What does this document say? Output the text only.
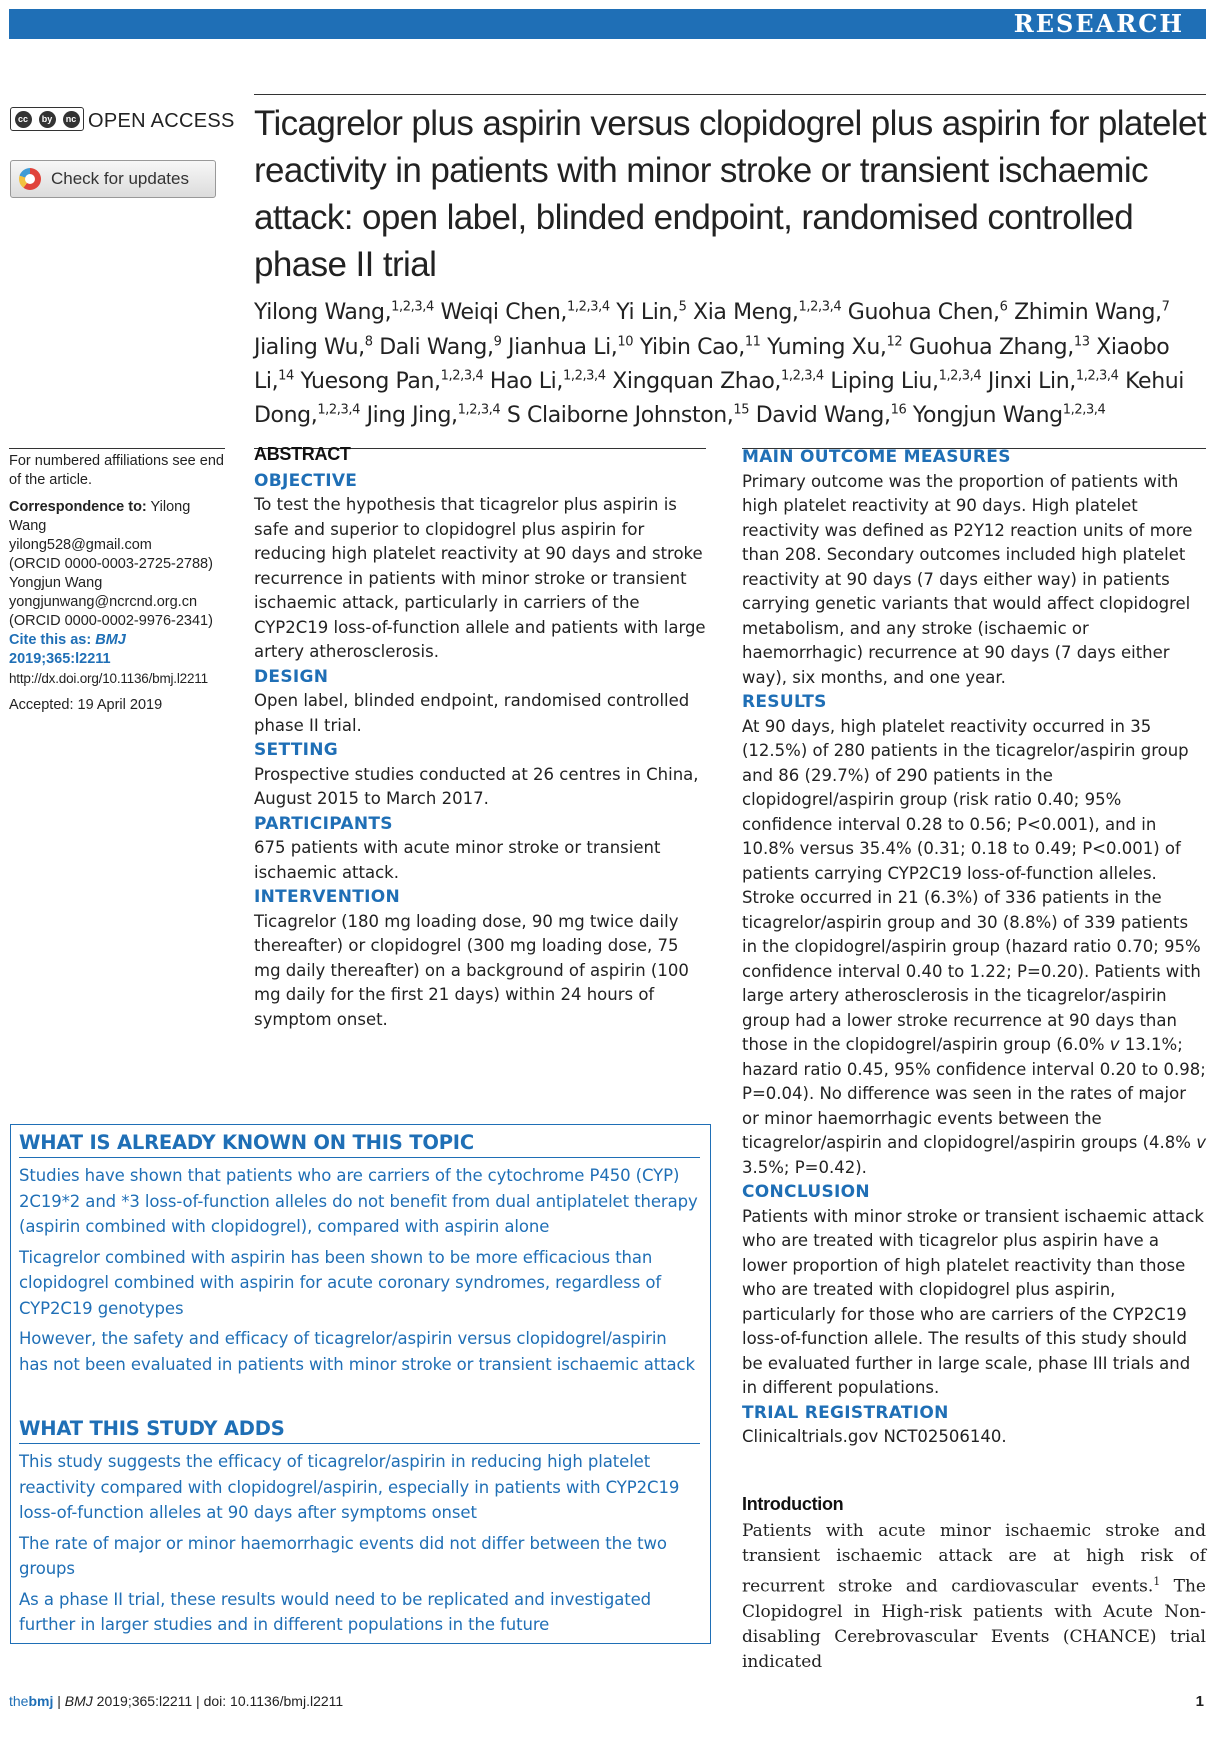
RESEARCH
cc	by	nc OPEN ACCESS
Check for updates
Ticagrelor plus aspirin versus clopidogrel plus aspirin for platelet reactivity in patients with minor stroke or transient ischaemic attack: open label, blinded endpoint, randomised controlled phase II trial
Yilong Wang,$^{1,2,3,4}$ Weiqi Chen,$^{1,2,3,4}$ Yi Lin,$^5$ Xia Meng,$^{1,2,3,4}$ Guohua Chen,$^6$ Zhimin Wang,$^7$ Jialing Wu,$^8$ Dali Wang,$^9$ Jianhua Li,$^{10}$ Yibin Cao,$^{11}$ Yuming Xu,$^{12}$ Guohua Zhang,$^{13}$ Xiaobo Li,$^{14}$ Yuesong Pan,$^{1,2,3,4}$ Hao Li,$^{1,2,3,4}$ Xingquan Zhao,$^{1,2,3,4}$ Liping Liu,$^{1,2,3,4}$ Jinxi Lin,$^{1,2,3,4}$ Kehui Dong,$^{1,2,3,4}$ Jing Jing,$^{1,2,3,4}$ S Claiborne Johnston,$^{15}$ David Wang,$^{16}$ Yongjun Wang$^{1,2,3,4}$

For numbered affiliations see end of the article.

Correspondence to: Yilong Wang

yilong528@gmail.com

(ORCID 0000-0003-2725-2788)

Yongjun Wang

yongjunwang@ncrcnd.org.cn

(ORCID 0000-0002-9976-2341)

Cite this as: BMJ 2019;365:l2211

http://dx.doi.org/10.1136/bmj.l2211

Accepted: 19 April 2019

ABSTRACT

OBJECTIVE

To test the hypothesis that ticagrelor plus aspirin is safe and superior to clopidogrel plus aspirin for reducing high platelet reactivity at 90 days and stroke recurrence in patients with minor stroke or transient ischaemic attack, particularly in carriers of the CYP2C19 loss-of-function allele and patients with large artery atherosclerosis.

DESIGN

Open label, blinded endpoint, randomised controlled phase II trial.

SETTING

Prospective studies conducted at 26 centres in China, August 2015 to March 2017.

PARTICIPANTS

675 patients with acute minor stroke or transient ischaemic attack.

INTERVENTION

Ticagrelor (180 mg loading dose, 90 mg twice daily thereafter) or clopidogrel (300 mg loading dose, 75 mg daily thereafter) on a background of aspirin (100 mg daily for the first 21 days) within 24 hours of symptom onset.

MAIN OUTCOME MEASURES

Primary outcome was the proportion of patients with high platelet reactivity at 90 days. High platelet reactivity was defined as P2Y12 reaction units of more than 208. Secondary outcomes included high platelet reactivity at 90 days (7 days either way) in patients carrying genetic variants that would affect clopidogrel metabolism, and any stroke (ischaemic or haemorrhagic) recurrence at 90 days (7 days either way), six months, and one year.

RESULTS

At 90 days, high platelet reactivity occurred in 35 (12.5%) of 280 patients in the ticagrelor/aspirin group and 86 (29.7%) of 290 patients in the clopidogrel/aspirin group (risk ratio 0.40; 95% confidence interval 0.28 to 0.56; P<0.001), and in 10.8% versus 35.4% (0.31; 0.18 to 0.49; P<0.001) of patients carrying CYP2C19 loss-of-function alleles. Stroke occurred in 21 (6.3%) of 336 patients in the ticagrelor/aspirin group and 30 (8.8%) of 339 patients in the clopidogrel/aspirin group (hazard ratio 0.70; 95% confidence interval 0.40 to 1.22; P=0.20). Patients with large artery atherosclerosis in the ticagrelor/aspirin group had a lower stroke recurrence at 90 days than those in the clopidogrel/aspirin group (6.0% v 13.1%; hazard ratio 0.45, 95% confidence interval 0.20 to 0.98; P=0.04). No difference was seen in the rates of major or minor haemorrhagic events between the ticagrelor/aspirin and clopidogrel/aspirin groups (4.8% v 3.5%; P=0.42).

CONCLUSION

Patients with minor stroke or transient ischaemic attack who are treated with ticagrelor plus aspirin have a lower proportion of high platelet reactivity than those who are treated with clopidogrel plus aspirin, particularly for those who are carriers of the CYP2C19 loss-of-function allele. The results of this study should be evaluated further in large scale, phase III trials and in different populations.

TRIAL REGISTRATION

Clinicaltrials.gov NCT02506140.

WHAT IS ALREADY KNOWN ON THIS TOPIC

Studies have shown that patients who are carriers of the cytochrome P450 (CYP) 2C19*2 and *3 loss-of-function alleles do not benefit from dual antiplatelet therapy (aspirin combined with clopidogrel), compared with aspirin alone

Ticagrelor combined with aspirin has been shown to be more efficacious than clopidogrel combined with aspirin for acute coronary syndromes, regardless of CYP2C19 genotypes

However, the safety and efficacy of ticagrelor/aspirin versus clopidogrel/aspirin has not been evaluated in patients with minor stroke or transient ischaemic attack

WHAT THIS STUDY ADDS

This study suggests the efficacy of ticagrelor/aspirin in reducing high platelet reactivity compared with clopidogrel/aspirin, especially in patients with CYP2C19 loss-of-function alleles at 90 days after symptoms onset

The rate of major or minor haemorrhagic events did not differ between the two groups

As a phase II trial, these results would need to be replicated and investigated further in larger studies and in different populations in the future

Introduction

Patients with acute minor ischaemic stroke and transient ischaemic attack are at high risk of recurrent stroke and cardiovascular events.$^1$ The Clopidogrel in High-risk patients with Acute Non-disabling Cerebrovascular Events (CHANCE) trial indicated

thebmj | BMJ 2019;365:l2211 | doi: 10.1136/bmj.l2211	1
